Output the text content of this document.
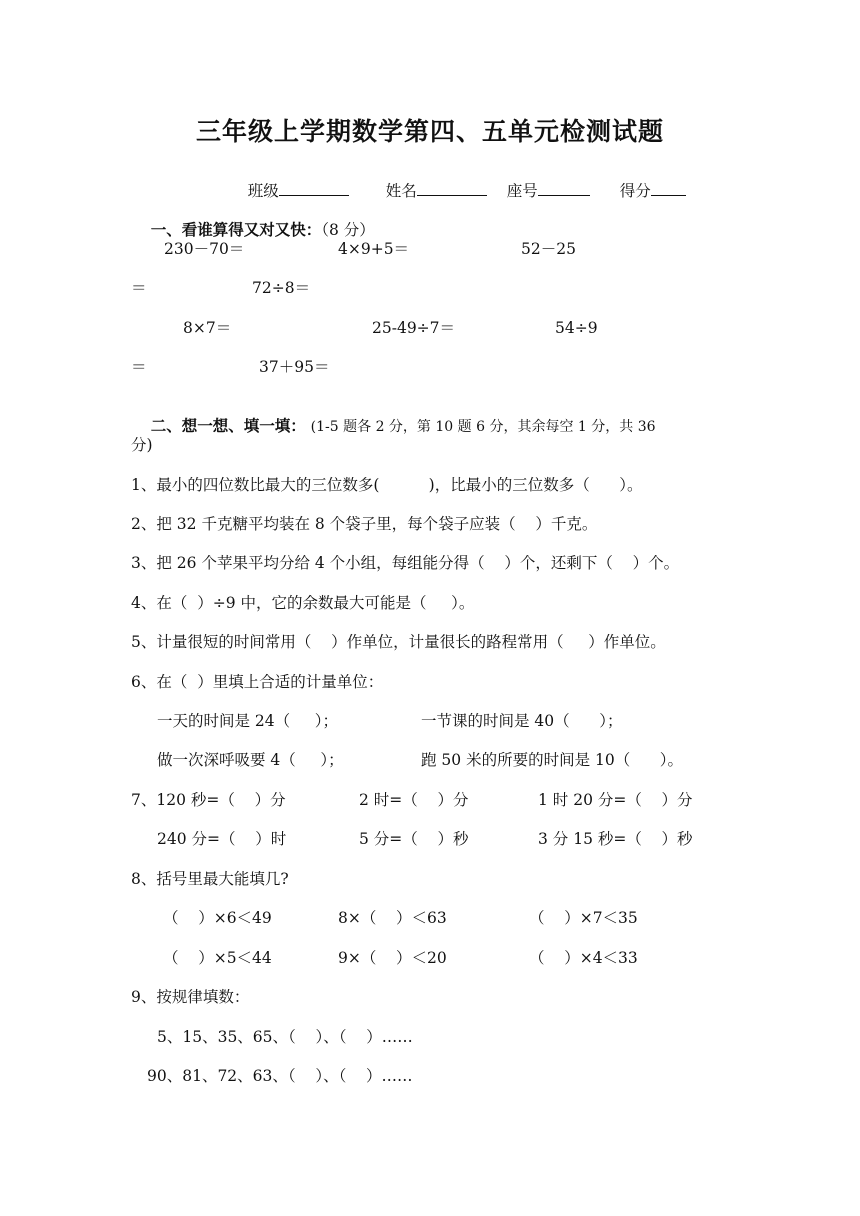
三年级上学期数学第四、五单元检测试题

班级
	姓名
	座号
	得分

一、看谁算得又对又快：（8 分）

230－70＝	4×9+5＝	52－25
＝	72÷8＝
8×7＝	25-49÷7＝	54÷9
＝	37＋95＝

二、想一想、填一填： (1-5 题各 2 分，第 10 题 6 分，其余每空 1 分，共 36

分)
1、最小的四位数比最大的三位数多(          )，比最小的三位数多（      ）。
2、把 32 千克糖平均装在 8 个袋子里，每个袋子应装（    ）千克。
3、把 26 个苹果平均分给 4 个小组，每组能分得（    ）个，还剩下（    ）个。
4、在（  ）÷9 中，它的余数最大可能是（     ）。
5、计量很短的时间常用（    ）作单位，计量很长的路程常用（     ）作单位。
6、在（  ）里填上合适的计量单位：
一天的时间是 24（     ）；	一节课的时间是 40（      ）；
做一次深呼吸要 4（     ）；	跑 50 米的所要的时间是 10（      ）。
7、120 秒=（    ）分	2 时=（    ）分	1 时 20 分=（    ）分
240 分=（    ）时	5 分=（    ）秒	3 分 15 秒=（    ）秒
8、括号里最大能填几?
（    ）×6＜49	8×（    ）＜63	（    ）×7＜35
（    ）×5＜44	9×（    ）＜20	（    ）×4＜33
9、按规律填数：
5、15、35、65、（    ）、（    ）……
90、81、72、63、（    ）、（    ）……
